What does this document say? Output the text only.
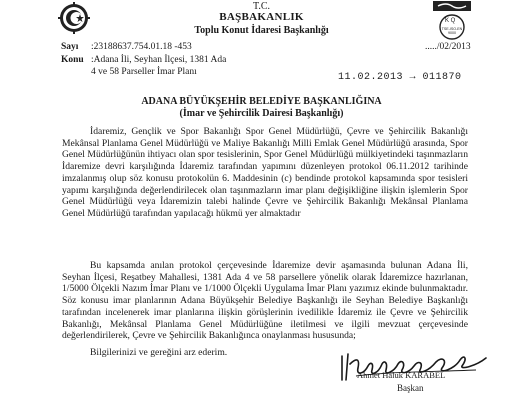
K Q
TSE-ISO-EN 9000
T.C.
BAŞBAKANLIK
Toplu Konut İdaresi Başkanlığı
Sayı :23188637.754.01.18 -453
Konu :Adana İli, Seyhan İlçesi, 1381 Ada
4 ve 58 Parseller İmar Planı
...../02/2013
11.02.2013 → 011870
ADANA BÜYÜKŞEHİR BELEDİYE BAŞKANLIĞINA
(İmar ve Şehircilik Dairesi Başkanlığı)
İdaremiz, Gençlik ve Spor Bakanlığı Spor Genel Müdürlüğü, Çevre ve Şehircilik Bakanlığı Mekânsal Planlama Genel Müdürlüğü ve Maliye Bakanlığı Milli Emlak Genel Müdürlüğü arasında, Spor Genel Müdürlüğünün ihtiyacı olan spor tesislerinin, Spor Genel Müdürlüğü mülkiyetindeki taşınmazların İdaremize devri karşılığında İdaremiz tarafından yapımını düzenleyen protokol 06.11.2012 tarihinde imzalanmış olup söz konusu protokolün 6. Maddesinin (c) bendinde protokol kapsamında spor tesisleri yapımı karşılığında değerlendirilecek olan taşınmazların imar planı değişikliğine ilişkin işlemlerin Spor Genel Müdürlüğü veya İdaremizin talebi halinde Çevre ve Şehircilik Bakanlığı Mekânsal Planlama Genel Müdürlüğü tarafından yapılacağı hükmü yer almaktadır
Bu kapsamda anılan protokol çerçevesinde İdaremize devir aşamasında bulunan Adana İli, Seyhan İlçesi, Reşatbey Mahallesi, 1381 Ada 4 ve 58 parsellere yönelik olarak İdaremizce hazırlanan, 1/5000 Ölçekli Nazım İmar Planı ve 1/1000 Ölçekli Uygulama İmar Planı yazımız ekinde bulunmaktadır. Söz konusu imar planlarının Adana Büyükşehir Belediye Başkanlığı ile Seyhan Belediye Başkanlığı tarafından incelenerek imar planlarına ilişkin görüşlerinin ivedilikle İdaremiz ile Çevre ve Şehircilik Bakanlığı, Mekânsal Planlama Genel Müdürlüğüne iletilmesi ve ilgili mevzuat çerçevesinde değerlendirilerek, Çevre ve Şehircilik Bakanlığınca onaylanması hususunda;
Bilgilerinizi ve gereğini arz ederim.
Ahmet Haluk KARABEL
Başkan
